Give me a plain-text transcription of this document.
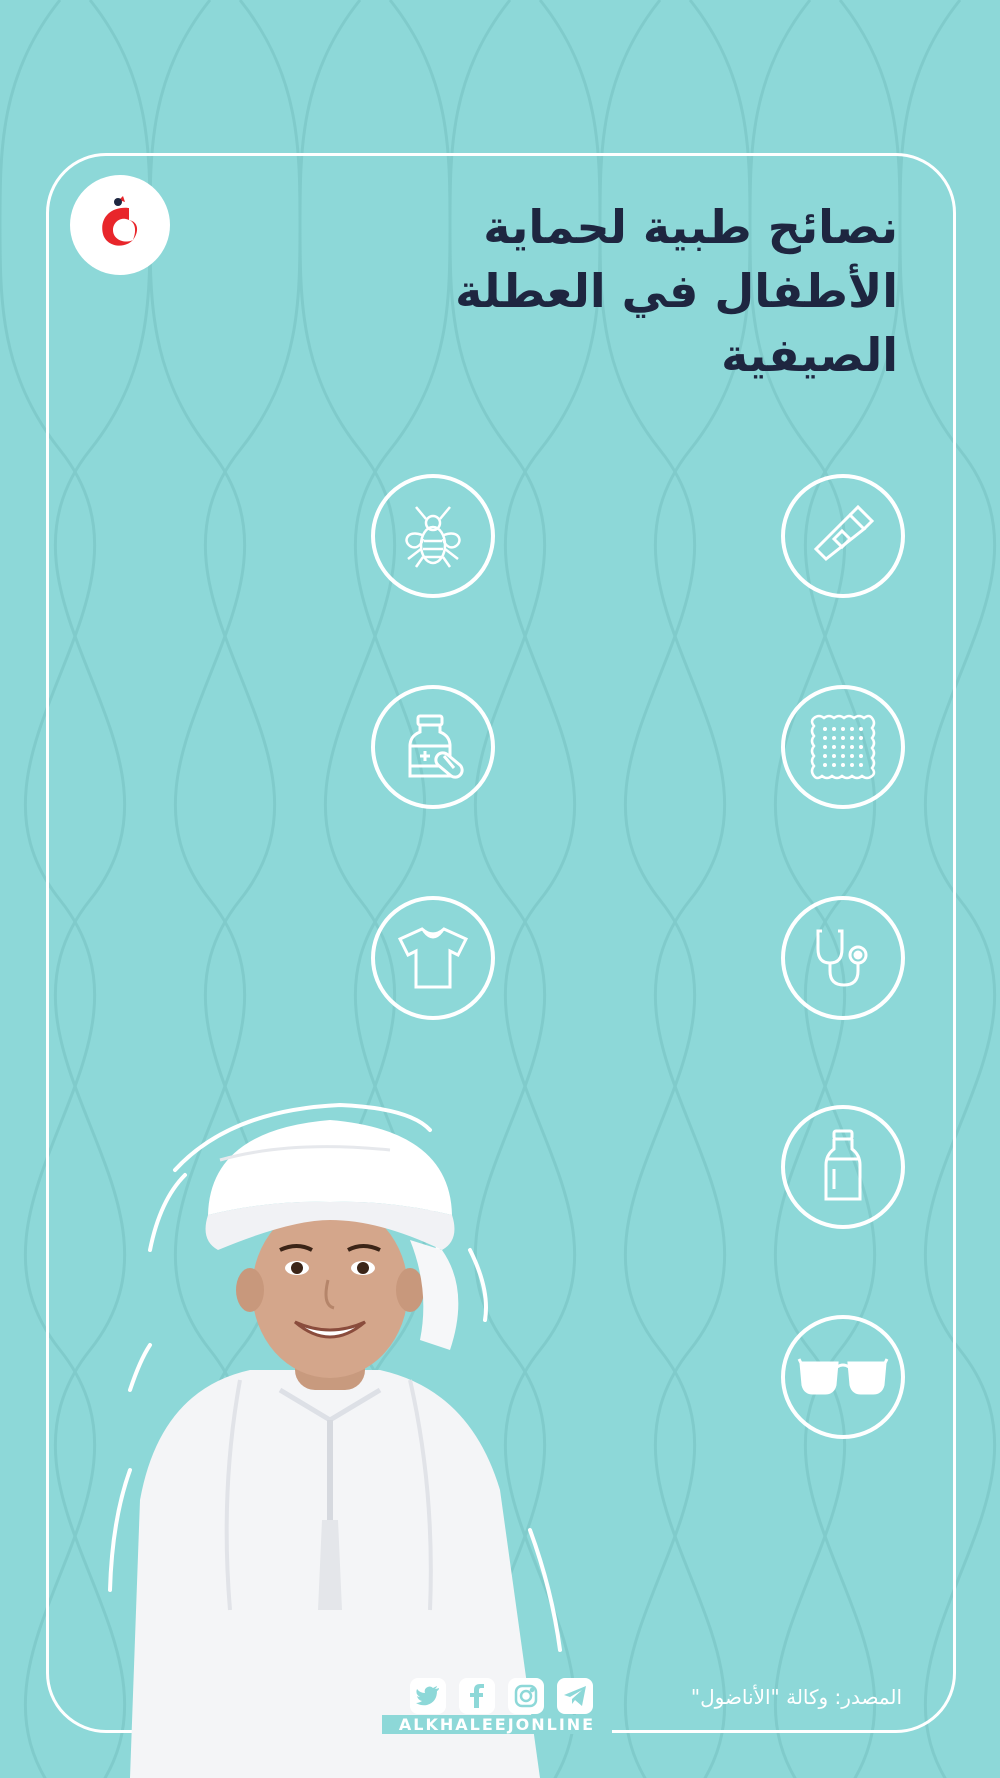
نصائح طبية لحماية
الأطفال في العطلة
الصيفية
المصدر: وكالة "الأناضول"
ALKHALEEJONLINE
